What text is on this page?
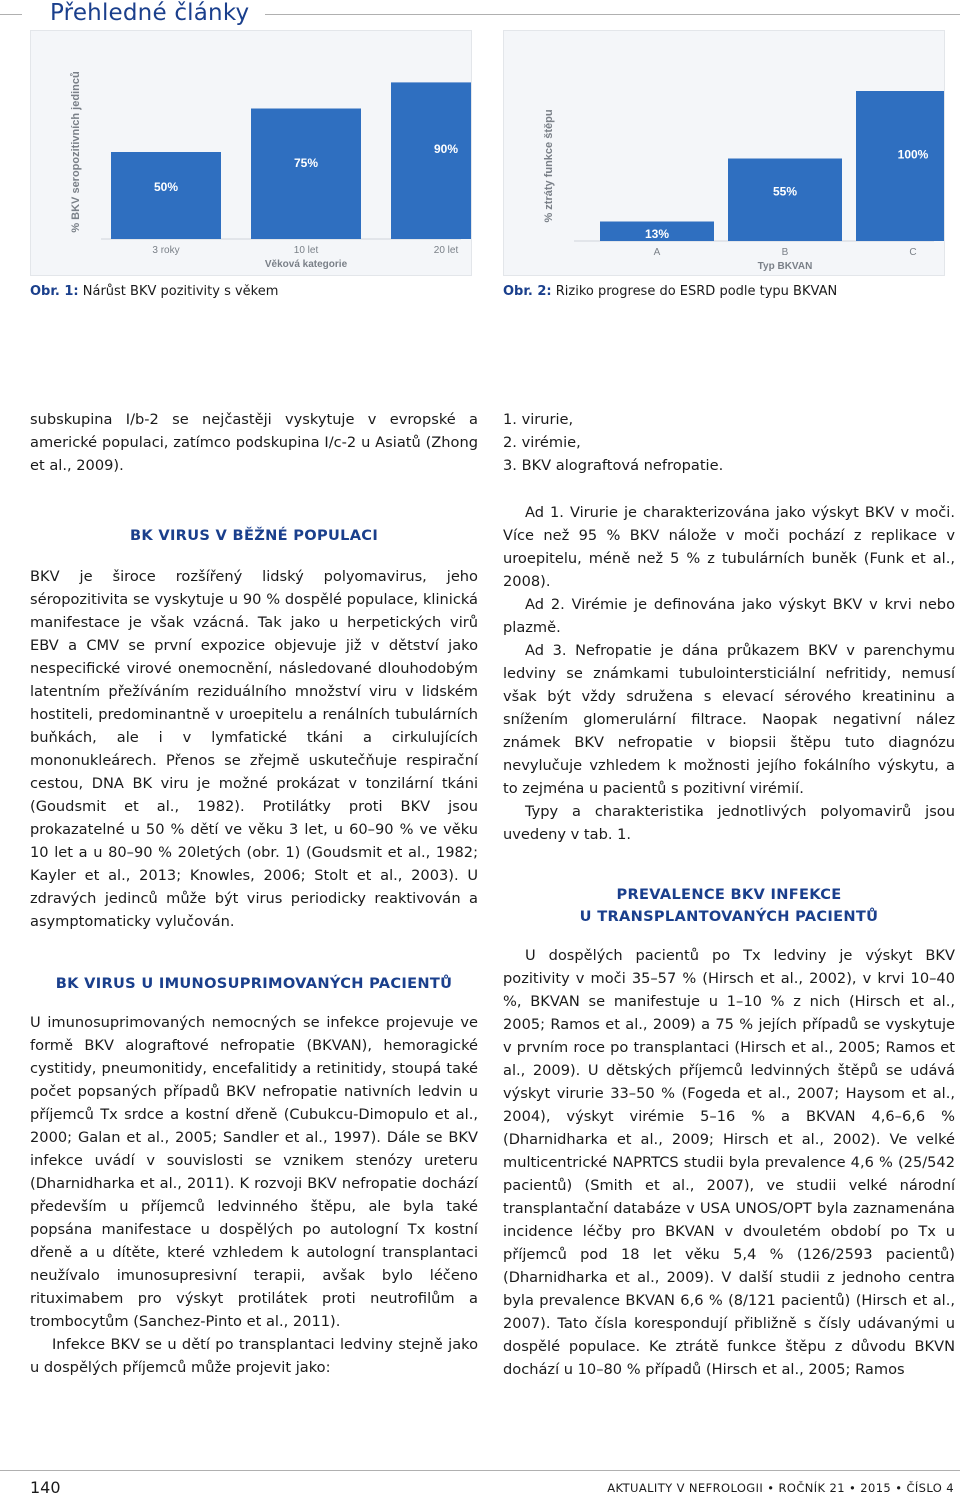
Přehledné články
% BKV seropozitivních jedinců	50%
3 roky
75%
10 let
90%
20 let
Věková kategorie
Obr. 1: Nárůst BKV pozitivity s věkem
% ztráty funkce štěpu
13%
A
55%
B
100%
C
Typ BKVAN
Obr. 2: Riziko progrese do ESRD podle typu BKVAN

subskupina I/b-2 se nejčastěji vyskytuje v evropské a americké populaci, zatímco podskupina I/c-2 u Asiatů (Zhong et al., 2009).

BK VIRUS V BĚŽNÉ POPULACI

BKV je široce rozšířený lidský polyomavirus, jeho séropozitivita se vyskytuje u 90 % dospělé populace, klinická manifestace je však vzácná. Tak jako u herpetických virů EBV a CMV se první expozice objevuje již v dětství jako nespecifické virové onemocnění, následované dlouhodobým latentním přežíváním reziduálního množství viru v lidském hostiteli, predominantně v uroepitelu a renálních tubulárních buňkách, ale i v lymfatické tkáni a cirkulujících mononukleárech. Přenos se zřejmě uskutečňuje respirační cestou, DNA BK viru je možné prokázat v tonzilární tkáni (Goudsmit et al., 1982). Protilátky proti BKV jsou prokazatelné u 50 % dětí ve věku 3 let, u 60–90 % ve věku 10 let a u 80–90 % 20letých (obr. 1) (Goudsmit et al., 1982; Kayler et al., 2013; Knowles, 2006; Stolt et al., 2003). U zdravých jedinců může být virus periodicky reaktivován a asymptomaticky vylučován.

BK VIRUS U IMUNOSUPRIMOVANÝCH PACIENTŮ

U imunosuprimovaných nemocných se infekce projevuje ve formě BKV alograftové nefropatie (BKVAN), hemoragické cystitidy, pneumonitidy, encefalitidy a retinitidy, stoupá také počet popsaných případů BKV nefropatie nativních ledvin u příjemců Tx srdce a kostní dřeně (Cubukcu-Dimopulo et al., 2000; Galan et al., 2005; Sandler et al., 1997). Dále se BKV infekce uvádí v souvislosti se vznikem stenózy ureteru (Dharnidharka et al., 2011). K rozvoji BKV nefropatie dochází především u příjemců ledvinného štěpu, ale byla také popsána manifestace u dospělých po autologní Tx kostní dřeně a u dítěte, které vzhledem k autologní transplantaci neužívalo imunosupresivní terapii, avšak bylo léčeno rituximabem pro výskyt protilátek proti neutrofilům a trombocytům (Sanchez-Pinto et al., 2011).

Infekce BKV se u dětí po transplantaci ledviny stejně jako u dospělých příjemců může projevit jako:

1. virurie,
2. virémie,
3. BKV alograftová nefropatie.

Ad 1. Virurie je charakterizována jako výskyt BKV v moči. Více než 95 % BKV nálože v moči pochází z replikace v uroepitelu, méně než 5 % z tubulárních buněk (Funk et al., 2008).

Ad 2. Virémie je definována jako výskyt BKV v krvi nebo plazmě.

Ad 3. Nefropatie je dána průkazem BKV v parenchymu ledviny se známkami tubulointersticiální nefritidy, nemusí však být vždy sdružena s elevací sérového kreatininu a snížením glomerulární filtrace. Naopak negativní nález známek BKV nefropatie v biopsii štěpu tuto diagnózu nevylučuje vzhledem k možnosti jejího fokálního výskytu, a to zejména u pacientů s pozitivní virémií.

Typy a charakteristika jednotlivých polyomavirů jsou uvedeny v tab. 1.

PREVALENCE BKV INFEKCE

U TRANSPLANTOVANÝCH PACIENTŮ

U dospělých pacientů po Tx ledviny je výskyt BKV pozitivity v moči 35–57 % (Hirsch et al., 2002), v krvi 10–40 %, BKVAN se manifestuje u 1–10 % z nich (Hirsch et al., 2005; Ramos et al., 2009) a 75 % jejích případů se vyskytuje v prvním roce po transplantaci (Hirsch et al., 2005; Ramos et al., 2009). U dětských příjemců ledvinných štěpů se udává výskyt virurie 33–50 % (Fogeda et al., 2007; Haysom et al., 2004), výskyt virémie 5–16 % a BKVAN 4,6–6,6 % (Dharnidharka et al., 2009; Hirsch et al., 2002). Ve velké multicentrické NAPRTCS studii byla prevalence 4,6 % (25/542 pacientů) (Smith et al., 2007), ve studii velké národní transplantační databáze v USA UNOS/OPT byla zaznamenána incidence léčby pro BKVAN v dvouletém období po Tx u příjemců pod 18 let věku 5,4 % (126/2593 pacientů) (Dharnidharka et al., 2009). V další studii z jednoho centra byla prevalence BKVAN 6,6 % (8/121 pacientů) (Hirsch et al., 2007). Tato čísla korespondují přibližně s čísly udávanými u dospělé populace. Ke ztrátě funkce štěpu z důvodu BKVN dochází u 10–80 % případů (Hirsch et al., 2005; Ramos

140	AKTUALITY V NEFROLOGII • ROČNÍK 21 • 2015 • ČÍSLO 4
